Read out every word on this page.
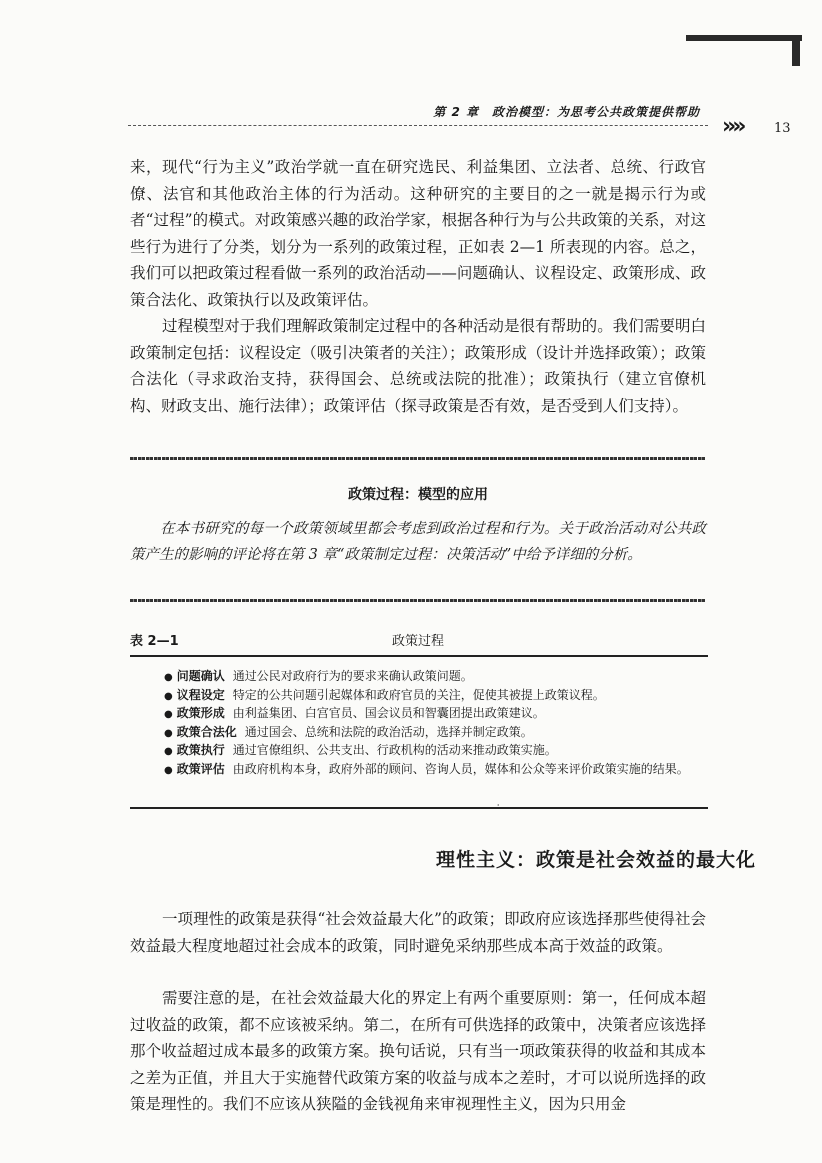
第 2 章　政治模型：为思考公共政策提供帮助
»» 13

来，现代“行为主义”政治学就一直在研究选民、利益集团、立法者、总统、行政官僚、法官和其他政治主体的行为活动。这种研究的主要目的之一就是揭示行为或者“过程”的模式。对政策感兴趣的政治学家，根据各种行为与公共政策的关系，对这些行为进行了分类，划分为一系列的政策过程，正如表 2—1 所表现的内容。总之，我们可以把政策过程看做一系列的政治活动——问题确认、议程设定、政策形成、政策合法化、政策执行以及政策评估。

过程模型对于我们理解政策制定过程中的各种活动是很有帮助的。我们需要明白政策制定包括：议程设定（吸引决策者的关注）；政策形成（设计并选择政策）；政策合法化（寻求政治支持，获得国会、总统或法院的批准）；政策执行（建立官僚机构、财政支出、施行法律）；政策评估（探寻政策是否有效，是否受到人们支持）。

政策过程：模型的应用

在本书研究的每一个政策领域里都会考虑到政治过程和行为。关于政治活动对公共政策产生的影响的评论将在第 3 章“政策制定过程：决策活动”中给予详细的分析。

表 2—1	政策过程
● 问题确认 通过公民对政府行为的要求来确认政策问题。
● 议程设定 特定的公共问题引起媒体和政府官员的关注，促使其被提上政策议程。
● 政策形成 由利益集团、白宫官员、国会议员和智囊团提出政策建议。
● 政策合法化 通过国会、总统和法院的政治活动，选择并制定政策。
● 政策执行 通过官僚组织、公共支出、行政机构的活动来推动政策实施。
● 政策评估 由政府机构本身，政府外部的顾问、咨询人员，媒体和公众等来评价政策实施的结果。
ˌ
理性主义：政策是社会效益的最大化

一项理性的政策是获得“社会效益最大化”的政策；即政府应该选择那些使得社会效益最大程度地超过社会成本的政策，同时避免采纳那些成本高于效益的政策。

需要注意的是，在社会效益最大化的界定上有两个重要原则：第一，任何成本超过收益的政策，都不应该被采纳。第二，在所有可供选择的政策中，决策者应该选择那个收益超过成本最多的政策方案。换句话说，只有当一项政策获得的收益和其成本之差为正值，并且大于实施替代政策方案的收益与成本之差时，才可以说所选择的政策是理性的。我们不应该从狭隘的金钱视角来审视理性主义，因为只用金
